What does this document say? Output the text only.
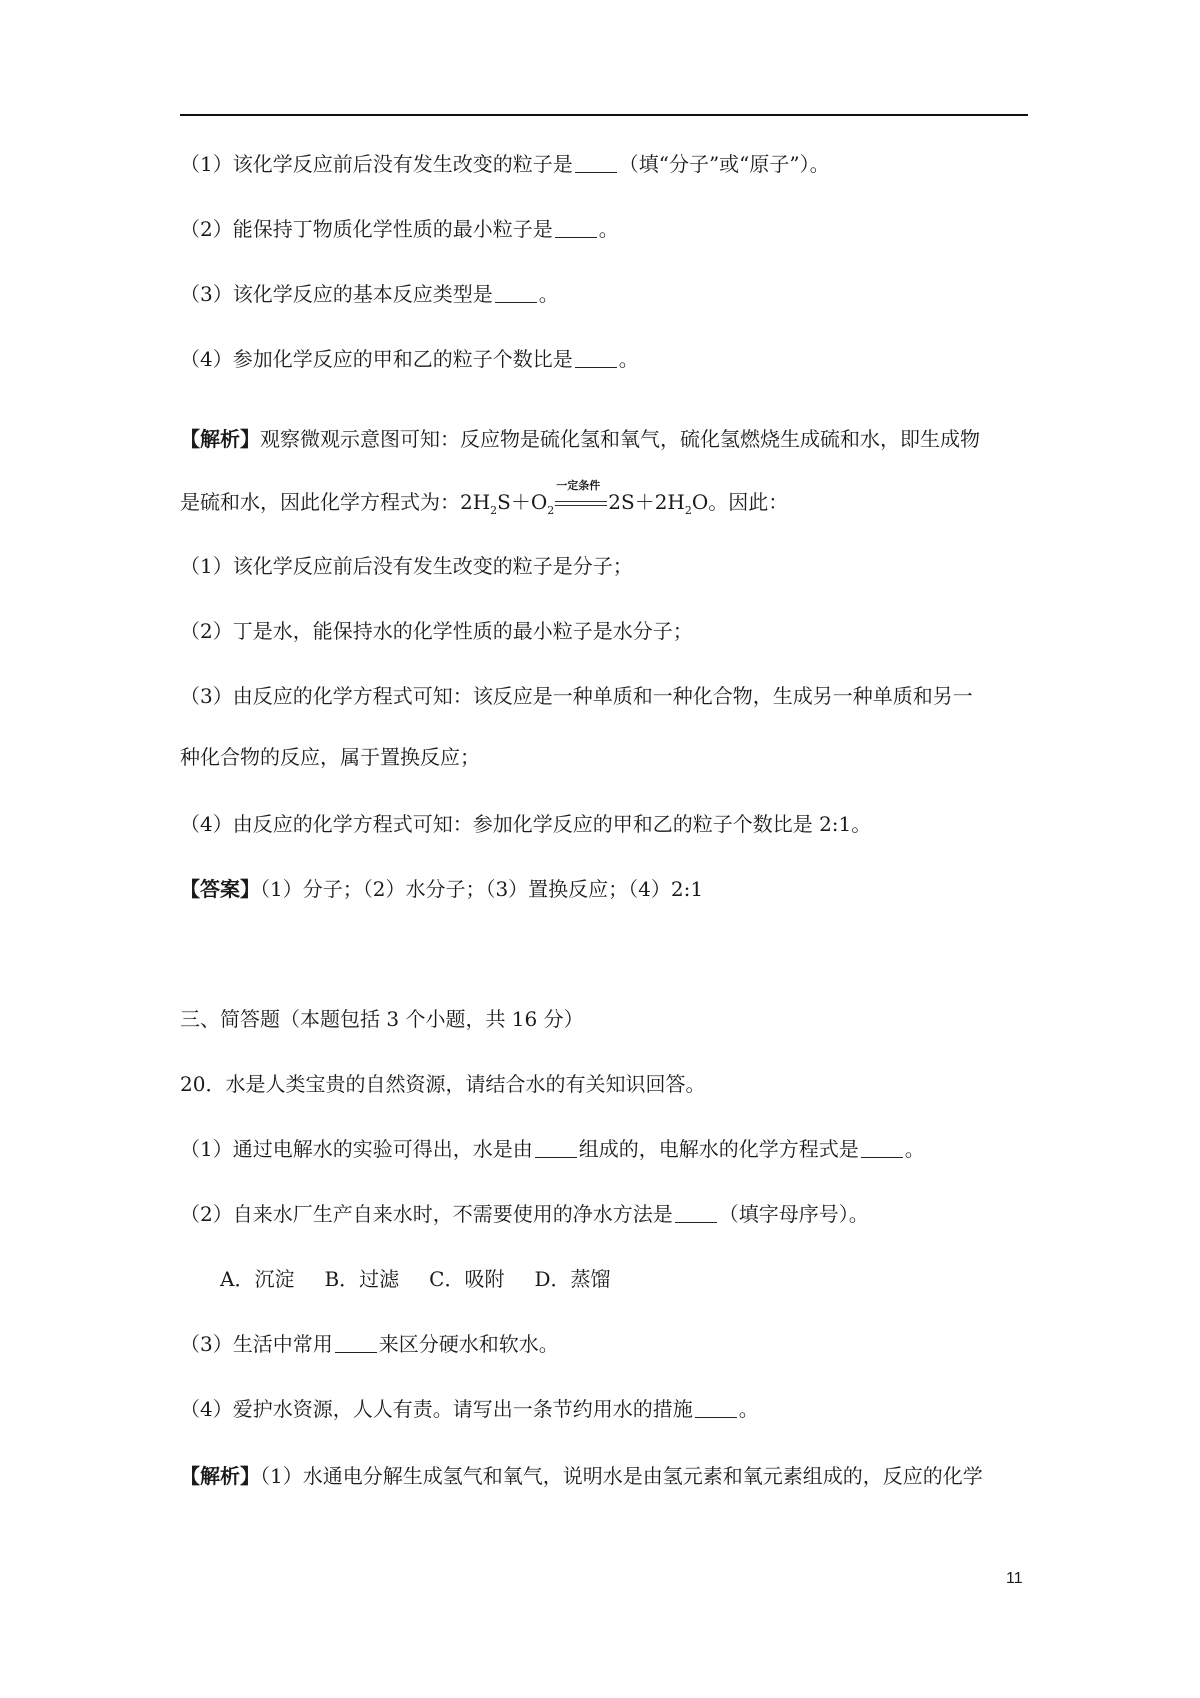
（1）该化学反应前后没有发生改变的粒子是 （填“分子”或“原子”）。
（2）能保持丁物质化学性质的最小粒子是 。
（3）该化学反应的基本反应类型是 。
（4）参加化学反应的甲和乙的粒子个数比是 。
【解析】观察微观示意图可知：反应物是硫化氢和氧气，硫化氢燃烧生成硫和水，即生成物
是硫和水，因此化学方程式为：$2H_2S+O_2$
一定条件
$2S+2H_2O$。因此：
（1）该化学反应前后没有发生改变的粒子是分子；
（2）丁是水，能保持水的化学性质的最小粒子是水分子；
（3）由反应的化学方程式可知：该反应是一种单质和一种化合物，生成另一种单质和另一
种化合物的反应，属于置换反应；
（4）由反应的化学方程式可知：参加化学反应的甲和乙的粒子个数比是 2:1。
【答案】（1）分子；（2）水分子；（3）置换反应；（4）2:1
三、简答题（本题包括 3 个小题，共 16 分）
20．水是人类宝贵的自然资源，请结合水的有关知识回答。
（1）通过电解水的实验可得出，水是由 组成的，电解水的化学方程式是 。
（2）自来水厂生产自来水时，不需要使用的净水方法是 （填字母序号）。
A．沉淀 B．过滤 C．吸附 D．蒸馏
（3）生活中常用 来区分硬水和软水。
（4）爱护水资源，人人有责。请写出一条节约用水的措施 。
【解析】（1）水通电分解生成氢气和氧气，说明水是由氢元素和氧元素组成的，反应的化学
11
